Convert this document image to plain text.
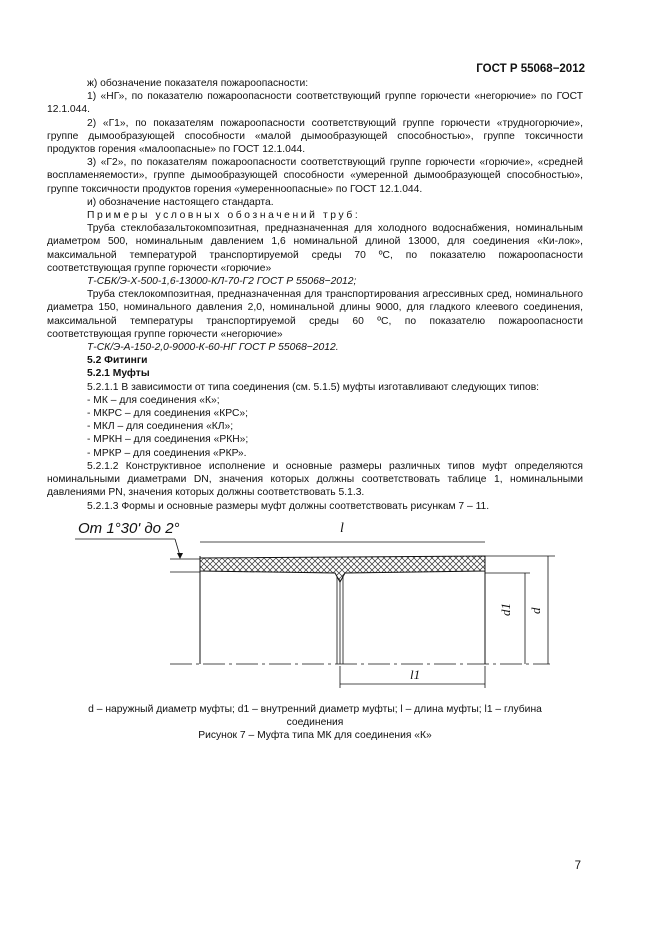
ГОСТ Р 55068−2012

ж) обозначение показателя пожароопасности:

1) «НГ», по показателю пожароопасности соответствующий группе горючести «негорючие» по ГОСТ 12.1.044.

2) «Г1», по показателям пожароопасности соответствующий группе горючести «трудногорючие», группе дымообразующей способности «малой дымообразующей способностью», группе токсичности продуктов горения «малоопасные» по ГОСТ 12.1.044.

3) «Г2», по показателям пожароопасности соответствующий группе горючести «горючие», «средней воспламеняемости», группе дымообразующей способности «умеренной дымообразующей способностью», группе токсичности продуктов горения «умеренноопасные» по ГОСТ 12.1.044.

и) обозначение настоящего стандарта.

Примеры условных обозначений труб:

Труба стеклобазальтокомпозитная, предназначенная для холодного водоснабжения, номинальным диаметром 500, номинальным давлением 1,6 номинальной длиной 13000, для соединения «Ки-лок», максимальной температурой транспортируемой среды 70 ºС, по показателю пожароопасности соответствующая группе горючести «горючие»

Т-СБК/Э-Х-500-1,6-13000-КЛ-70-Г2 ГОСТ Р 55068−2012;

Труба стеклокомпозитная, предназначенная для транспортирования агрессивных сред, номинального диаметра 150, номинального давления 2,0, номинальной длины 9000, для гладкого клеевого соединения, максимальной температуры транспортируемой среды 60 ºС, по показателю пожароопасности соответствующая группе горючести «негорючие»

Т-СК/Э-А-150-2,0-9000-К-60-НГ ГОСТ Р 55068−2012.

5.2 Фитинги

5.2.1 Муфты

5.2.1.1 В зависимости от типа соединения (см. 5.1.5) муфты изготавливают следующих типов:

- МК – для соединения «К»;

- МКРС – для соединения «КРС»;

- МКЛ – для соединения «КЛ»;

- МРКН – для соединения «РКН»;

- МРКР – для соединения «РКР».

5.2.1.2 Конструктивное исполнение и основные размеры различных типов муфт определяются номинальными диаметрами DN, значения которых должны соответствовать таблице 1, номинальными давлениями PN, значения которых должны соответствовать 5.1.3.

5.2.1.3 Формы и основные размеры муфт должны соответствовать рисункам 7 – 11.

От 1°30' до 2°	l
d1 d
l1
d – наружный диаметр муфты; d1 – внутренний диаметр муфты; l – длина муфты; l1 – глубина соединения
Рисунок 7 – Муфта типа МК для соединения «К»
7
